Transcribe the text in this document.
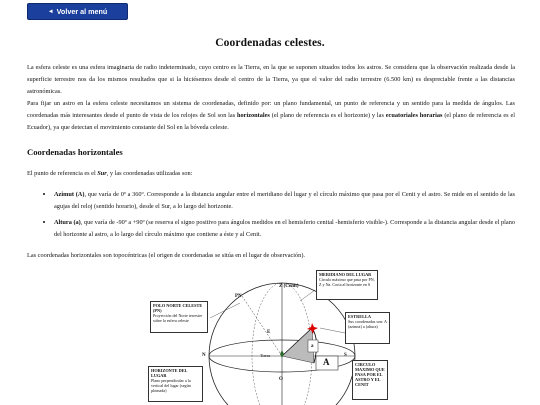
◄ Volver al menú
Coordenadas celestes.

La esfera celeste es una esfera imaginaria de radio indeterminado, cuyo centro es la Tierra, en la que se suponen situados todos los astros. Se considera que la observación realizada desde la superficie terrestre nos da los mismos resultados que si la hiciésemos desde el centro de la Tierra, ya que el valor del radio terrestre (6.500 km) es despreciable frente a las distancias astronómicas.

Para fijar un astro en la esfera celeste necesitamos un sistema de coordenadas, definido por: un plano fundamental, un punto de referencia y un sentido para la medida de ángulos. Las coordenadas más interesantes desde el punto de vista de los relojes de Sol son las horizontales (el plano de referencia es el horizonte) y las ecuatoriales horarias (el plano de referencia es el Ecuador), ya que detectan el movimiento constante del Sol en la bóveda celeste.

Coordenadas horizontales

El punto de referencia es el Sur, y las coordenadas utilizadas son:

• Azimut (A), que varía de 0º a 360º. Corresponde a la distancia angular entre el meridiano del lugar y el círculo máximo que pasa por el Cenit y el astro. Se mide en el sentido de las agujas del reloj (sentido horario), desde el Sur, a lo largo del horizonte.
• Altura (a), que varía de -90º a +90º (se reserva el signo positivo para ángulos medidos en el hemisferio cenital -hemisferio visible-). Corresponde a la distancia angular desde el plano del horizonte al astro, a lo largo del círculo máximo que contiene a éste y al Cenit.

Las coordenadas horizontales son topocéntricas (el origen de coordenadas se sitúa en el lugar de observación).

MERIDIANO DEL LUGAR
Círculo máximo que pasa por PN, Z y Na. Corta al horizonte en S
POLO NORTE CELESTE (PN)
Proyección del Norte terrestre sobre la esfera celeste
ESTRELLA
Sus coordenadas son: A (azimut) a (altura)
HORIZONTE DEL LUGAR
Plano perpendicular a la vertical del lugar (según plomada)
CIRCULO MAXIMO QUE PASA POR EL ASTRO Y EL CENIT
Z (Cenit)
PN
N	S
E
O
Tierra
a
A
